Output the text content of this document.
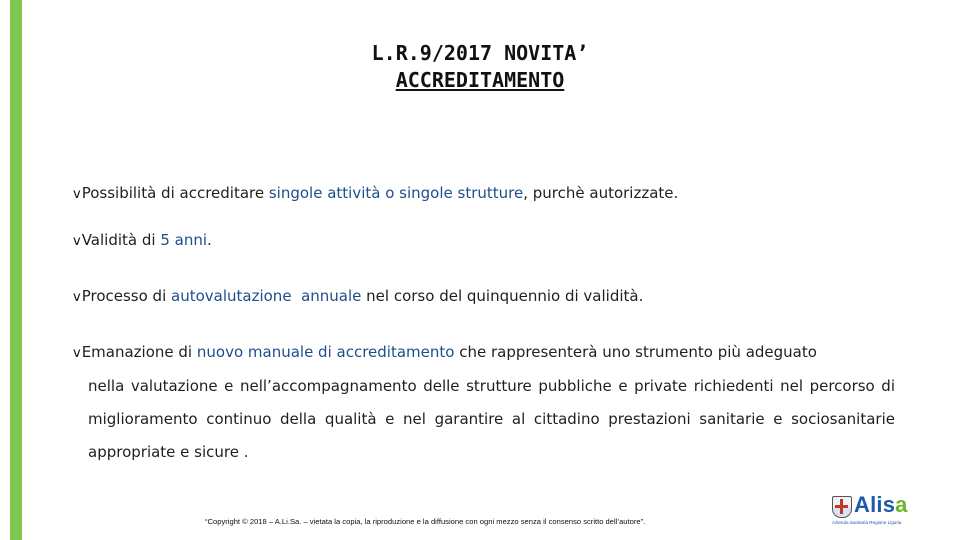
L.R.9/2017 NOVITA’
ACCREDITAMENTO
vPossibilità di accreditare singole attività o singole strutture, purchè autorizzate.
vValidità di 5 anni.
vProcesso di autovalutazione annuale nel corso del quinquennio di validità.
vEmanazione di nuovo manuale di accreditamento che rappresenterà uno strumento più adeguato
nella valutazione e nell’accompagnamento delle strutture pubbliche e private richiedenti nel percorso di miglioramento continuo della qualità e nel garantire al cittadino prestazioni sanitarie e sociosanitarie appropriate e sicure .
“Copyright © 2018 – A.Li.Sa. – vietata la copia, la riproduzione e la diffusione con ogni mezzo senza il consenso scritto dell’autore”.
Alisa
Azienda Sanitaria Regione Liguria
